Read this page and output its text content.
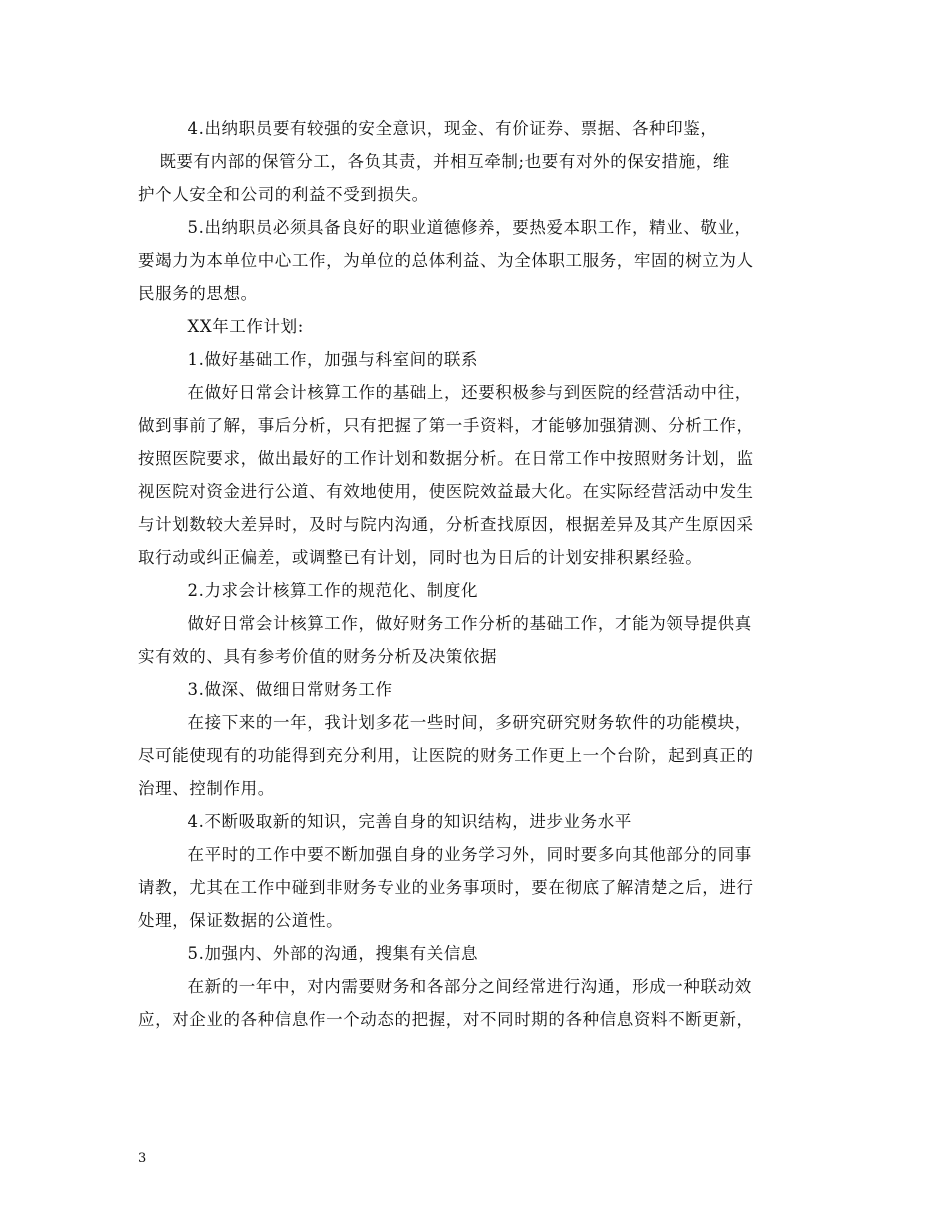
4.出纳职员要有较强的安全意识，现金、有价证券、票据、各种印鉴，
既要有内部的保管分工，各负其责，并相互牵制;也要有对外的保安措施，维
护个人安全和公司的利益不受到损失。

5.出纳职员必须具备良好的职业道德修养，要热爱本职工作，精业、敬业，
要竭力为本单位中心工作，为单位的总体利益、为全体职工服务，牢固的树立为人
民服务的思想。

XX年工作计划:

1.做好基础工作，加强与科室间的联系

在做好日常会计核算工作的基础上，还要积极参与到医院的经营活动中往，
做到事前了解，事后分析，只有把握了第一手资料，才能够加强猜测、分析工作，
按照医院要求，做出最好的工作计划和数据分析。在日常工作中按照财务计划，监
视医院对资金进行公道、有效地使用，使医院效益最大化。在实际经营活动中发生
与计划数较大差异时，及时与院内沟通，分析查找原因，根据差异及其产生原因采
取行动或纠正偏差，或调整已有计划，同时也为日后的计划安排积累经验。

2.力求会计核算工作的规范化、制度化

做好日常会计核算工作，做好财务工作分析的基础工作，才能为领导提供真
实有效的、具有参考价值的财务分析及决策依据

3.做深、做细日常财务工作

在接下来的一年，我计划多花一些时间，多研究研究财务软件的功能模块，
尽可能使现有的功能得到充分利用，让医院的财务工作更上一个台阶，起到真正的
治理、控制作用。

4.不断吸取新的知识，完善自身的知识结构，进步业务水平

在平时的工作中要不断加强自身的业务学习外，同时要多向其他部分的同事
请教，尤其在工作中碰到非财务专业的业务事项时，要在彻底了解清楚之后，进行
处理，保证数据的公道性。

5.加强内、外部的沟通，搜集有关信息

在新的一年中，对内需要财务和各部分之间经常进行沟通，形成一种联动效
应，对企业的各种信息作一个动态的把握，对不同时期的各种信息资料不断更新，

3
